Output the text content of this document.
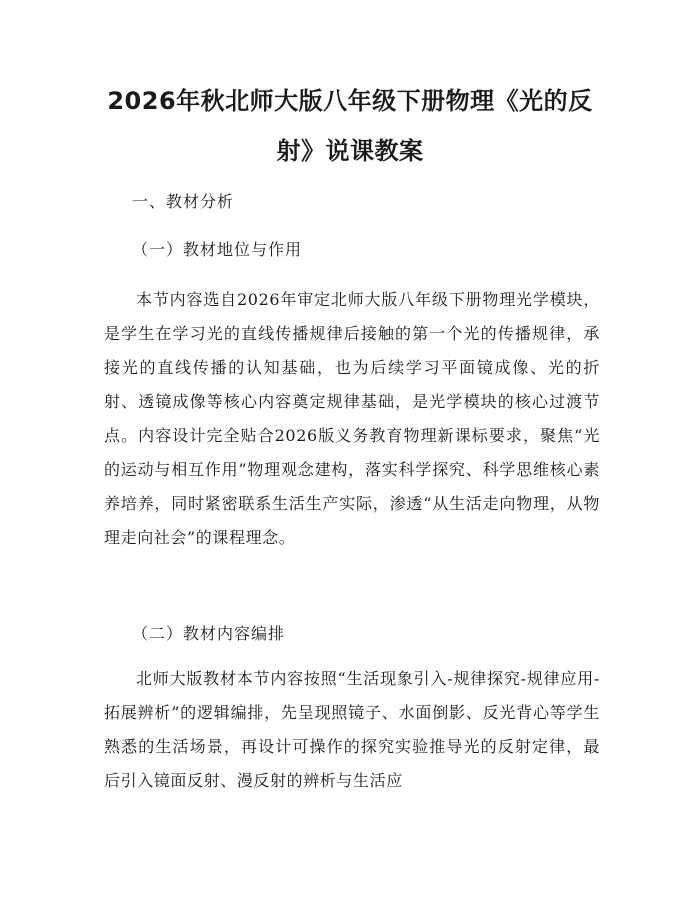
2026年秋北师大版八年级下册物理《光的反射》说课教案

一、教材分析

（一）教材地位与作用

本节内容选自2026年审定北师大版八年级下册物理光学模块，是学生在学习光的直线传播规律后接触的第一个光的传播规律，承接光的直线传播的认知基础，也为后续学习平面镜成像、光的折射、透镜成像等核心内容奠定规律基础，是光学模块的核心过渡节点。内容设计完全贴合2026版义务教育物理新课标要求，聚焦“光的运动与相互作用”物理观念建构，落实科学探究、科学思维核心素养培养，同时紧密联系生活生产实际，渗透“从生活走向物理，从物理走向社会”的课程理念。

（二）教材内容编排

北师大版教材本节内容按照“生活现象引入-规律探究-规律应用-拓展辨析”的逻辑编排，先呈现照镜子、水面倒影、反光背心等学生熟悉的生活场景，再设计可操作的探究实验推导光的反射定律，最后引入镜面反射、漫反射的辨析与生活应
